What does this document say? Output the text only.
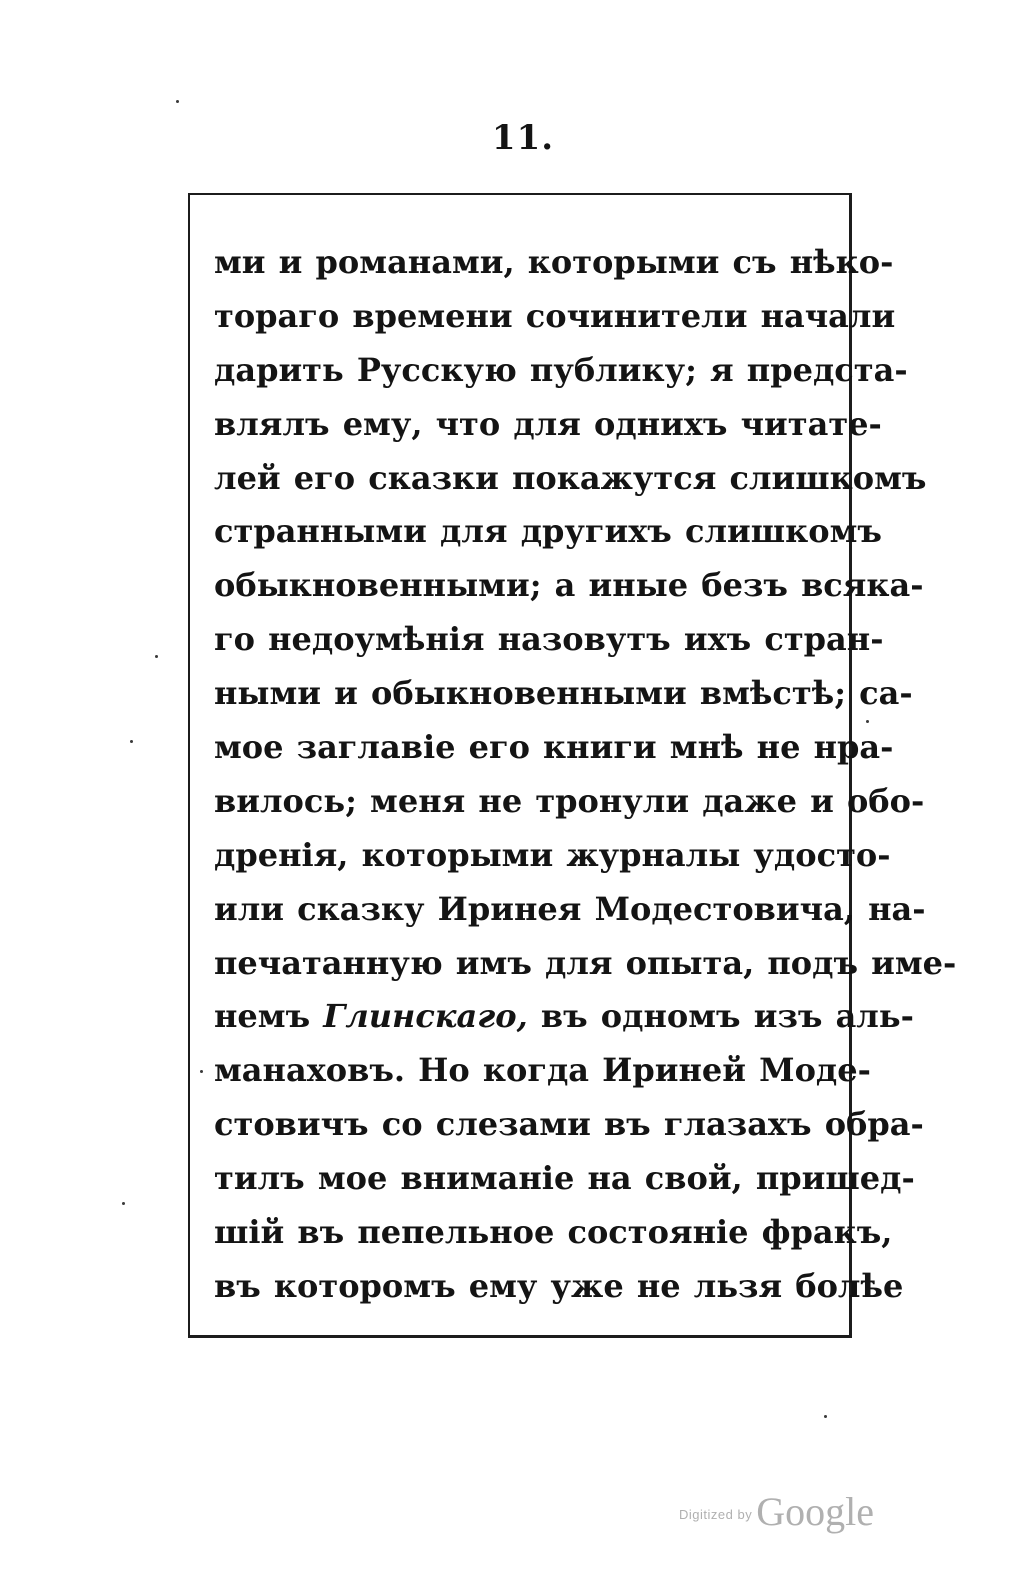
11.
ми и романами, которыми съ нѣко-
тораго времени сочинители начали
дарить Русскую публику; я предста-
влялъ ему, что для однихъ читате-
лей его сказки покажутся слишкомъ
странными для другихъ слишкомъ
обыкновенными; а иные безъ всяка-
го недоумѣнія назовутъ ихъ стран-
ными и обыкновенными вмѣстѣ; са-
мое заглавіе его книги мнѣ не нра-
вилось; меня не тронули даже и обо-
дренія, которыми журналы удосто-
или сказку Иринея Модестовича, на-
печатанную имъ для опыта, подъ име-
немъ Глинскаго, въ одномъ изъ аль-
манаховъ. Но когда Ириней Моде-
стовичъ со слезами въ глазахъ обра-
тилъ мое вниманіе на свой, пришед-
шій въ пепельное состояніе фракъ,
въ которомъ ему уже не льзя болѣе
$^{Digitized by}$ Google
